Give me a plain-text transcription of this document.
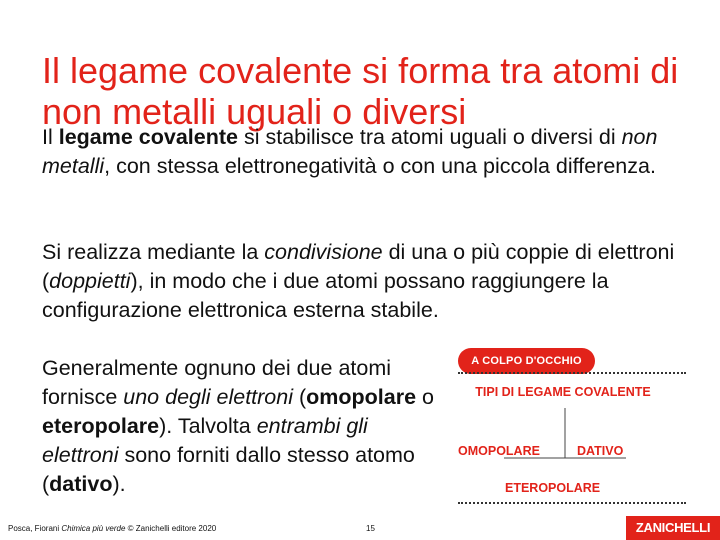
Il legame covalente si forma tra atomi di non metalli uguali o diversi
Il legame covalente si stabilisce tra atomi uguali o diversi di non metalli, con stessa elettronegatività o con una piccola differenza.
Si realizza mediante la condivisione di una o più coppie di elettroni (doppietti), in modo che i due atomi possano raggiungere la configurazione elettronica esterna stabile.
Generalmente ognuno dei due atomi fornisce uno degli elettroni (omopolare o eteropolare). Talvolta entrambi gli elettroni sono forniti dallo stesso atomo (dativo).
A COLPO D'OCCHIO
TIPI DI LEGAME COVALENTE
OMOPOLARE	DATIVO
ETEROPOLARE
Posca, Fiorani Chimica più verde © Zanichelli editore 2020	15	ZANICHELLI
